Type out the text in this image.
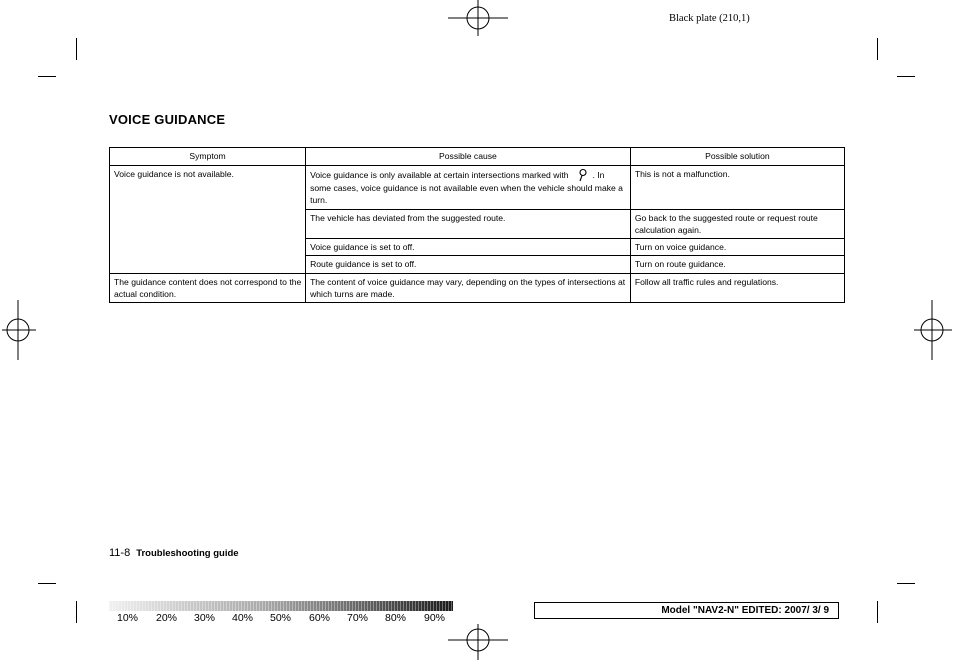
Black plate (210,1)
VOICE GUIDANCE
Symptom	Possible cause	Possible solution
Voice guidance is not available.	Voice guidance is only available at certain intersections marked with . In some cases, voice guidance is not available even when the vehicle should make a turn.	This is not a malfunction.
	The vehicle has deviated from the suggested route.	Go back to the suggested route or request route calculation again.
	Voice guidance is set to off.	Turn on voice guidance.
	Route guidance is set to off.	Turn on route guidance.
The guidance content does not correspond to the actual condition.	The content of voice guidance may vary, depending on the types of intersections at which turns are made.	Follow all traffic rules and regulations.
11-8 Troubleshooting guide
10% 20% 30% 40% 50% 60% 70% 80% 90%
Model "NAV2-N" EDITED: 2007/ 3/ 9
